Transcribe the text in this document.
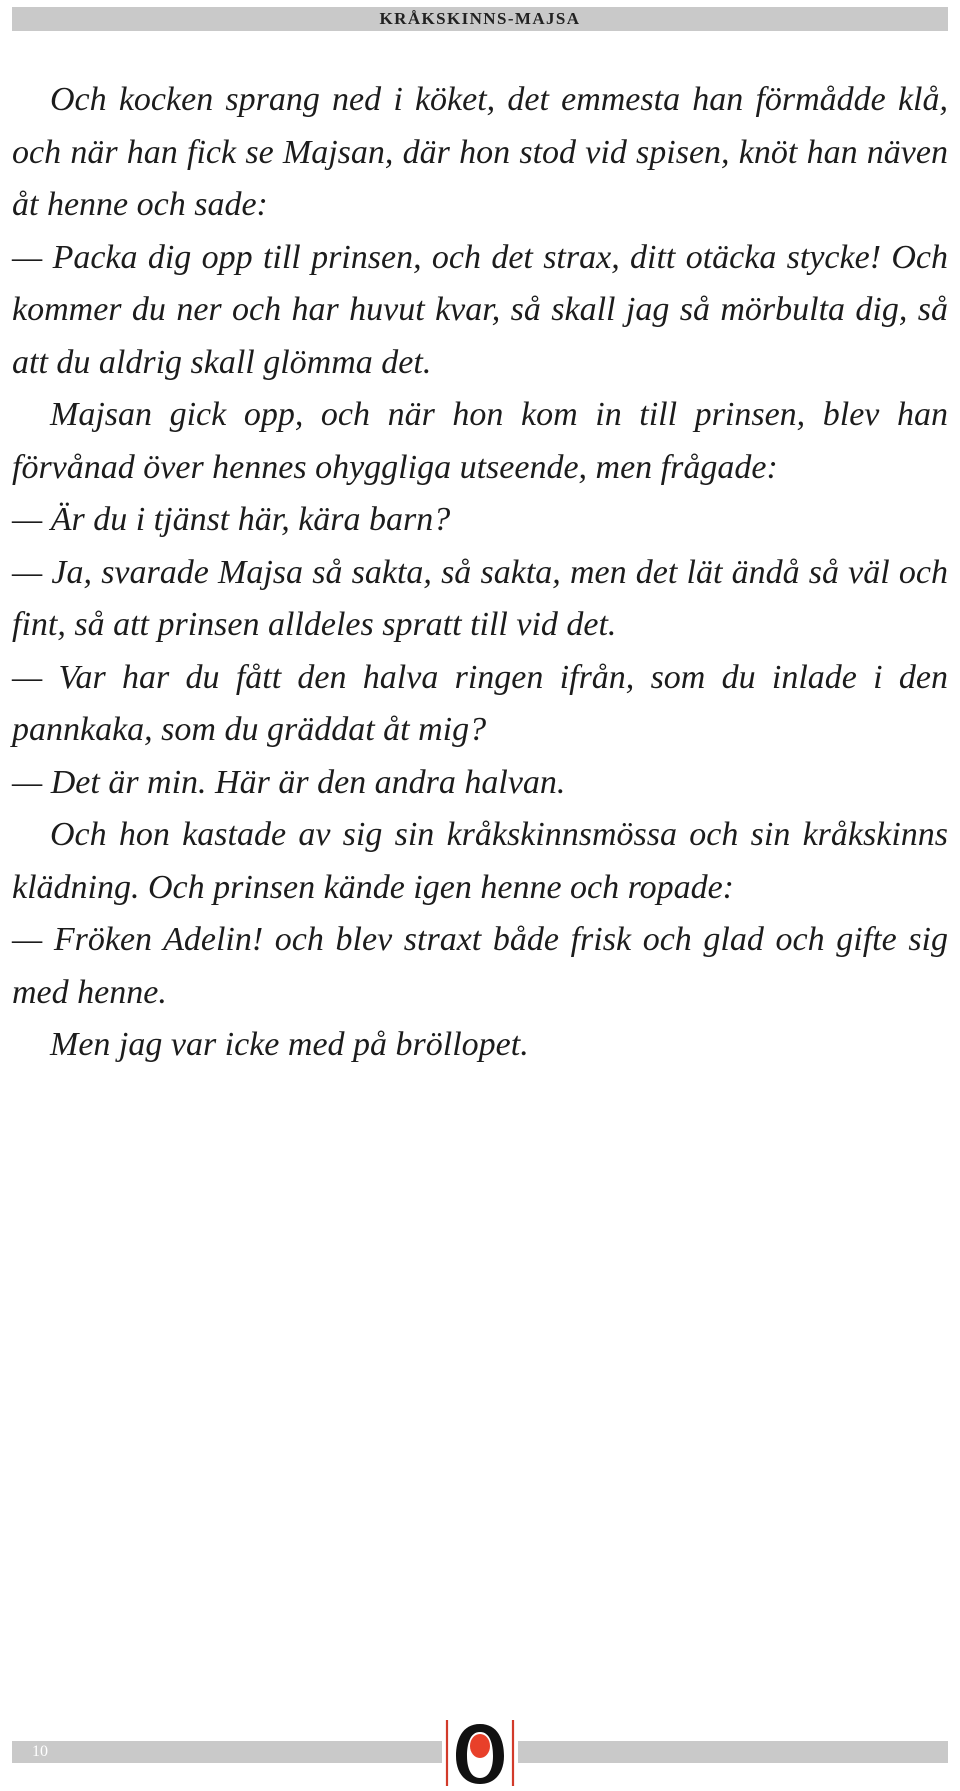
KRÅKSKINNS-MAJSA

Och kocken sprang ned i köket, det emmesta han förmådde klå, och när han fick se Majsan, där hon stod vid spisen, knöt han näven åt henne och sade:

— Packa dig opp till prinsen, och det strax, ditt otäcka stycke! Och kommer du ner och har huvut kvar, så skall jag så mörbulta dig, så att du aldrig skall glömma det.

Majsan gick opp, och när hon kom in till prinsen, blev han förvånad över hennes ohyggliga utseende, men frågade:

— Är du i tjänst här, kära barn?

— Ja, svarade Majsa så sakta, så sakta, men det lät ändå så väl och fint, så att prinsen alldeles spratt till vid det.

— Var har du fått den halva ringen ifrån, som du inlade i den pannkaka, som du gräddat åt mig?

— Det är min. Här är den andra halvan.

Och hon kastade av sig sin kråkskinnsmössa och sin kråkskinns klädning. Och prinsen kände igen henne och ropade:

— Fröken Adelin! och blev straxt både frisk och glad och gifte sig med henne.

Men jag var icke med på bröllopet.

10
